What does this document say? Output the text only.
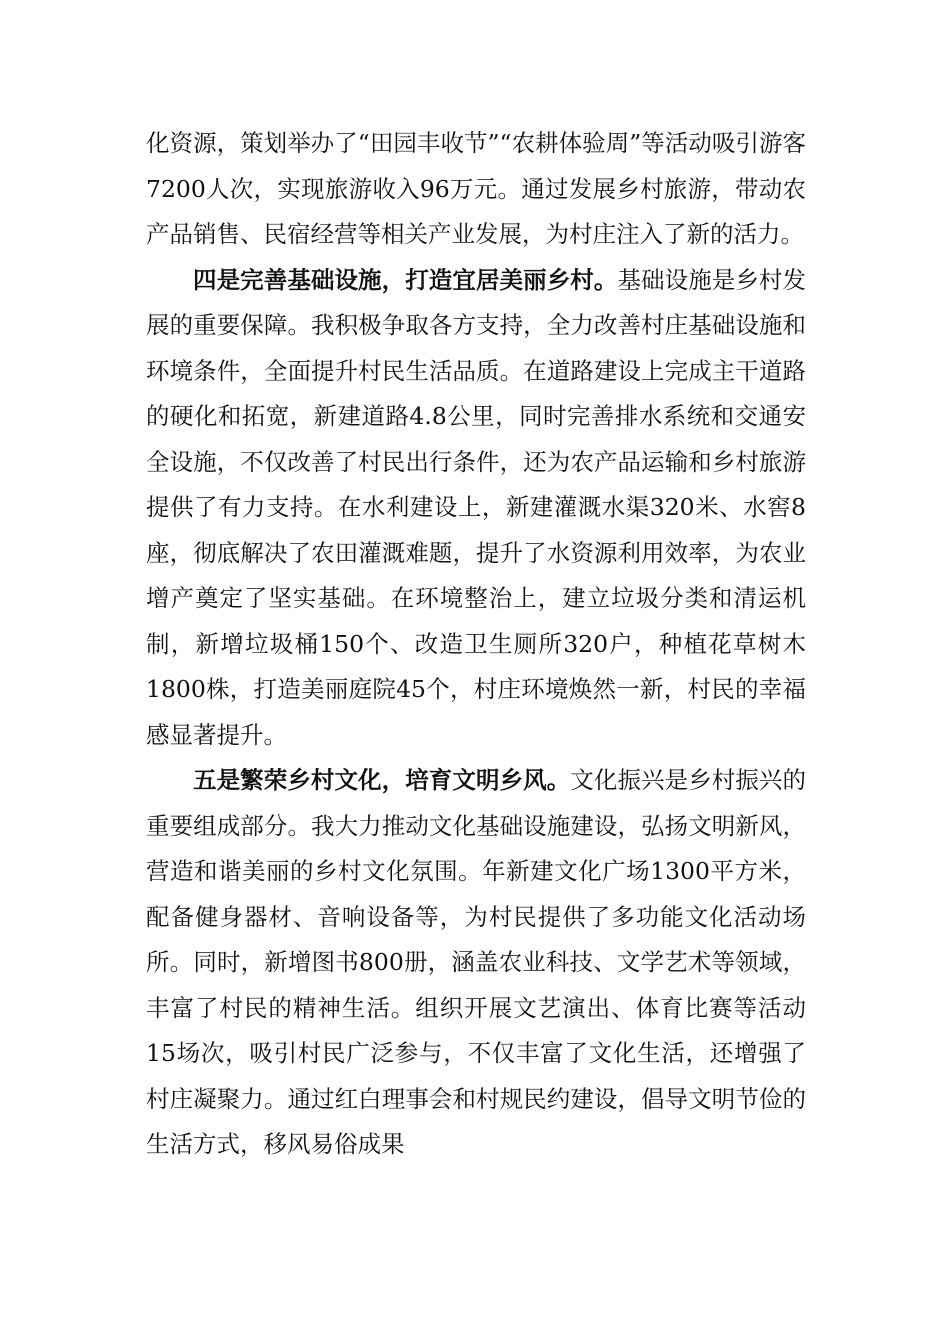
化资源，策划举办了“田园丰收节”“农耕体验周”等活动吸引游客7200人次，实现旅游收入96万元。通过发展乡村旅游，带动农产品销售、民宿经营等相关产业发展，为村庄注入了新的活力。

四是完善基础设施，打造宜居美丽乡村。基础设施是乡村发展的重要保障。我积极争取各方支持，全力改善村庄基础设施和环境条件，全面提升村民生活品质。在道路建设上完成主干道路的硬化和拓宽，新建道路4.8公里，同时完善排水系统和交通安全设施，不仅改善了村民出行条件，还为农产品运输和乡村旅游提供了有力支持。在水利建设上，新建灌溉水渠320米、水窖8座，彻底解决了农田灌溉难题，提升了水资源利用效率，为农业增产奠定了坚实基础。在环境整治上，建立垃圾分类和清运机制，新增垃圾桶150个、改造卫生厕所320户，种植花草树木1800株，打造美丽庭院45个，村庄环境焕然一新，村民的幸福感显著提升。

五是繁荣乡村文化，培育文明乡风。文化振兴是乡村振兴的重要组成部分。我大力推动文化基础设施建设，弘扬文明新风，营造和谐美丽的乡村文化氛围。年新建文化广场1300平方米，配备健身器材、音响设备等，为村民提供了多功能文化活动场所。同时，新增图书800册，涵盖农业科技、文学艺术等领域，丰富了村民的精神生活。组织开展文艺演出、体育比赛等活动15场次，吸引村民广泛参与，不仅丰富了文化生活，还增强了村庄凝聚力。通过红白理事会和村规民约建设，倡导文明节俭的生活方式，移风易俗成果
